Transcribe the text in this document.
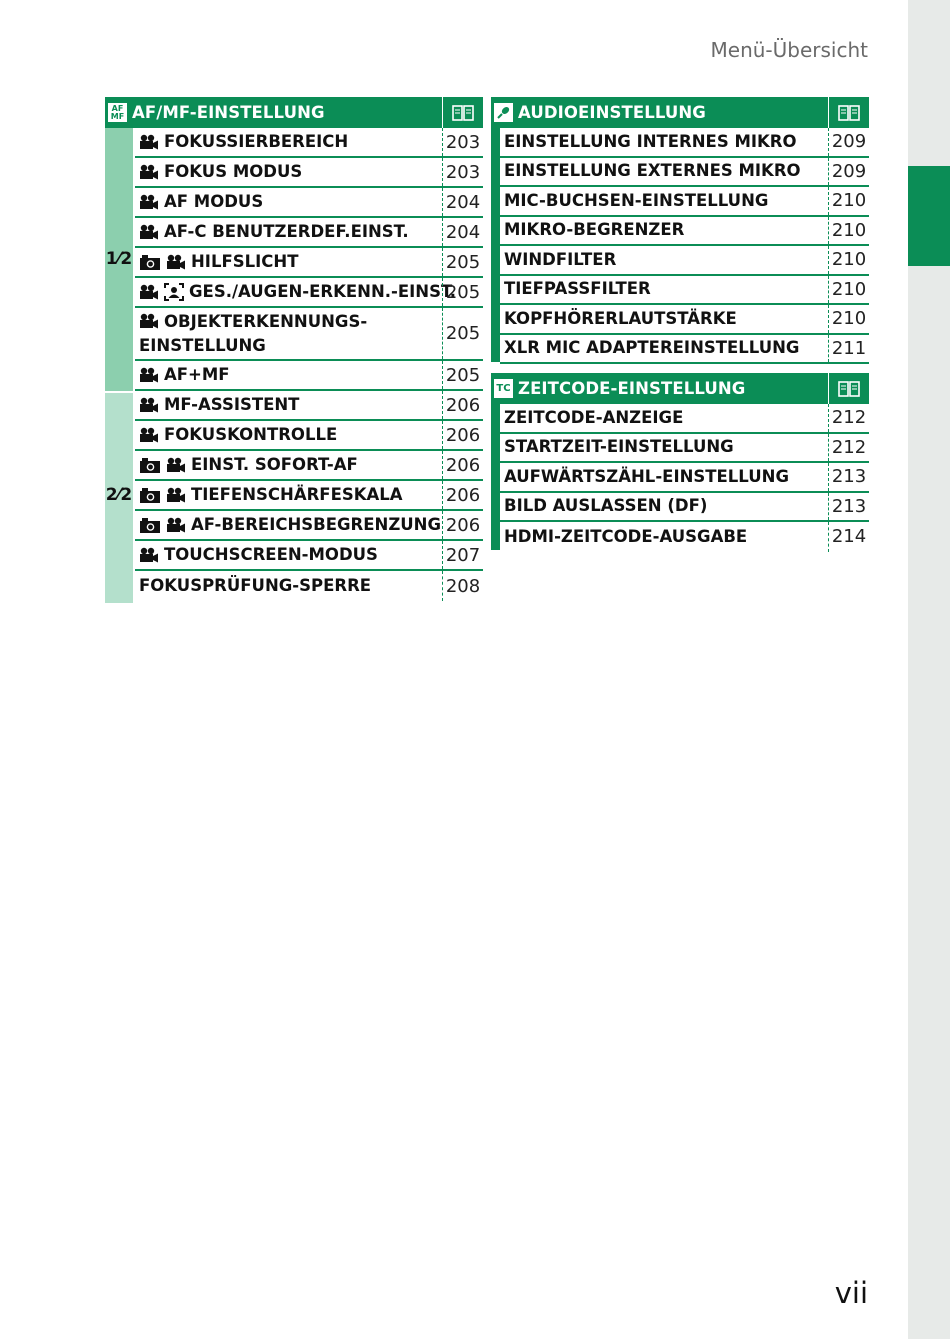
Menü-Übersicht
vii
AF
MF AF/MF-EINSTELLUNG
1⁄2
2⁄2
FOKUSSIERBEREICH	203
FOKUS MODUS	203
AF MODUS	204
AF-C BENUTZERDEF.EINST. 204
HILFSLICHT	205
GES./AUGEN-ERKENN.-EINST.
205
OBJEKTERKENNUNGS-
EINSTELLUNG
205
AF+MF	205
MF-ASSISTENT	206
FOKUSKONTROLLE	206
EINST. SOFORT-AF	206
TIEFENSCHÄRFESKALA 206
AF-BEREICHSBEGRENZUNG 206
TOUCHSCREEN-MODUS	207
FOKUSPRÜFUNG-SPERRE	208
AUDIOEINSTELLUNG
EINSTELLUNG INTERNES MIKRO 209
EINSTELLUNG EXTERNES MIKRO 209
MIC-BUCHSEN-EINSTELLUNG	210
MIKRO-BEGRENZER	210
WINDFILTER	210
TIEFPASSFILTER	210
KOPFHÖRERLAUTSTÄRKE	210
XLR MIC ADAPTEREINSTELLUNG 211
TC ZEITCODE-EINSTELLUNG
ZEITCODE-ANZEIGE	212
STARTZEIT-EINSTELLUNG	212
AUFWÄRTSZÄHL-EINSTELLUNG 213
BILD AUSLASSEN (DF)	213
HDMI-ZEITCODE-AUSGABE	214
